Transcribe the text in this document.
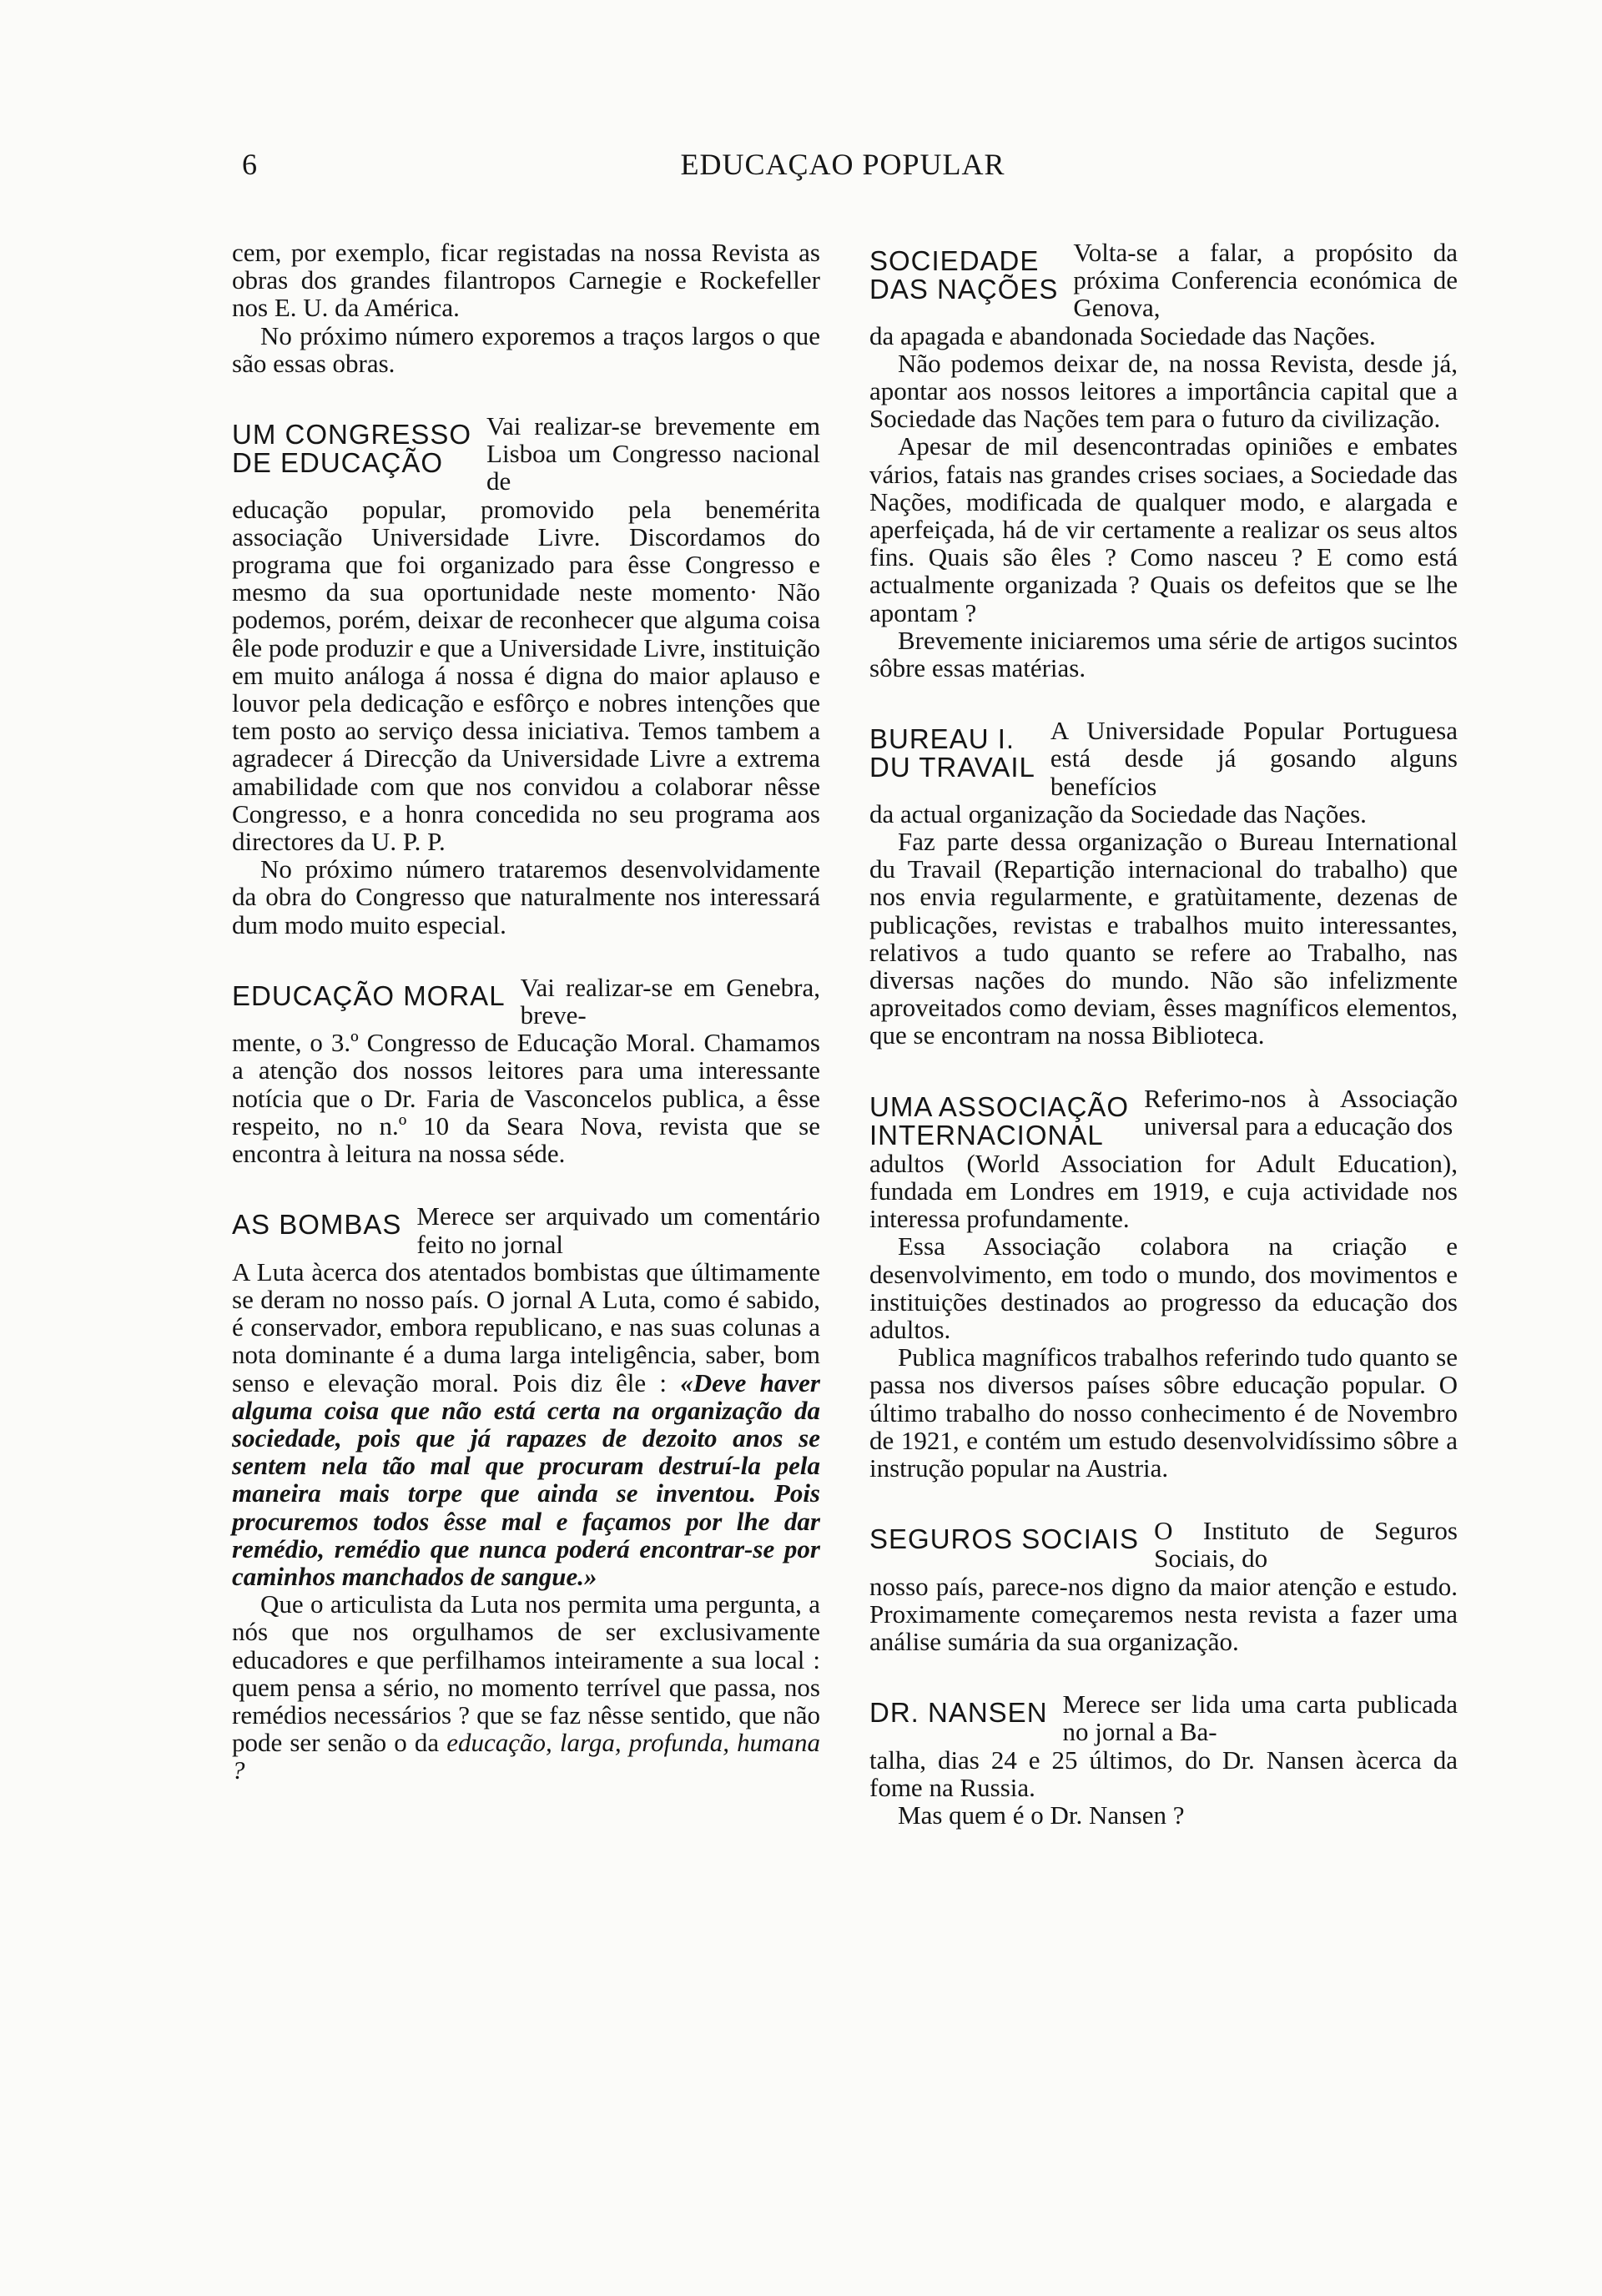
6	EDUCAÇAO POPULAR

cem, por exemplo, ficar registadas na nossa Revista as obras dos grandes filantropos Carnegie e Rockefeller nos E. U. da América.

No próximo número exporemos a traços largos o que são essas obras.

UM CONGRESSO
DE EDUCAÇÃO
Vai realizar-se brevemente em Lisboa um Congresso nacional de

educação popular, promovido pela benemérita associação Universidade Livre. Discordamos do programa que foi organizado para êsse Congresso e mesmo da sua oportunidade neste momento· Não podemos, porém, deixar de reconhecer que alguma coisa êle pode produzir e que a Universidade Livre, instituição em muito análoga á nossa é digna do maior aplauso e louvor pela dedicação e esfôrço e nobres intenções que tem posto ao serviço dessa iniciativa. Temos tambem a agradecer á Direcção da Universidade Livre a extrema amabilidade com que nos convidou a colaborar nêsse Congresso, e a honra concedida no seu programa aos directores da U. P. P.

No próximo número trataremos desenvolvidamente da obra do Congresso que naturalmente nos interessará dum modo muito especial.

EDUCAÇÃO MORAL Vai realizar-se em Genebra, breve-

mente, o 3.º Congresso de Educação Moral. Chamamos a atenção dos nossos leitores para uma interessante notícia que o Dr. Faria de Vasconcelos publica, a êsse respeito, no n.º 10 da Seara Nova, revista que se encontra à leitura na nossa séde.

AS BOMBAS Merece ser arquivado um comentário feito no jornal

A Luta àcerca dos atentados bombistas que últimamente se deram no nosso país. O jornal A Luta, como é sabido, é conservador, embora republicano, e nas suas colunas a nota dominante é a duma larga inteligência, saber, bom senso e elevação moral. Pois diz êle : «Deve haver alguma coisa que não está certa na organização da sociedade, pois que já rapazes de dezoito anos se sentem nela tão mal que procuram destruí-la pela maneira mais torpe que ainda se inventou. Pois procuremos todos êsse mal e façamos por lhe dar remédio, remédio que nunca poderá encontrar-se por caminhos manchados de sangue.»

Que o articulista da Luta nos permita uma pergunta, a nós que nos orgulhamos de ser exclusivamente educadores e que perfilhamos inteiramente a sua local : quem pensa a sério, no momento terrível que passa, nos remédios necessários ? que se faz nêsse sentido, que não pode ser senão o da educação, larga, profunda, humana ?

SOCIEDADE
DAS NAÇÕES
Volta-se a falar, a propósito da próxima Conferencia económica de Genova,

da apagada e abandonada Sociedade das Nações.

Não podemos deixar de, na nossa Revista, desde já, apontar aos nossos leitores a importância capital que a Sociedade das Nações tem para o futuro da civilização.

Apesar de mil desencontradas opiniões e embates vários, fatais nas grandes crises sociaes, a Sociedade das Nações, modificada de qualquer modo, e alargada e aperfeiçada, há de vir certamente a realizar os seus altos fins. Quais são êles ? Como nasceu ? E como está actualmente organizada ? Quais os defeitos que se lhe apontam ?

Brevemente iniciaremos uma série de artigos sucintos sôbre essas matérias.

BUREAU I.
DU TRAVAIL
A Universidade Popular Portuguesa está desde já gosando alguns benefícios

da actual organização da Sociedade das Nações.

Faz parte dessa organização o Bureau International du Travail (Repartição internacional do trabalho) que nos envia regularmente, e gratùitamente, dezenas de publicações, revistas e trabalhos muito interessantes, relativos a tudo quanto se refere ao Trabalho, nas diversas nações do mundo. Não são infelizmente aproveitados como deviam, êsses magníficos elementos, que se encontram na nossa Biblioteca.

UMA ASSOCIAÇÃO
INTERNACIONAL
Referimo-nos à Associação universal para a educação dos

adultos (World Association for Adult Education), fundada em Londres em 1919, e cuja actividade nos interessa profundamente.

Essa Associação colabora na criação e desenvolvimento, em todo o mundo, dos movimentos e instituições destinados ao progresso da educação dos adultos.

Publica magníficos trabalhos referindo tudo quanto se passa nos diversos países sôbre educação popular. O último trabalho do nosso conhecimento é de Novembro de 1921, e contém um estudo desenvolvidíssimo sôbre a instrução popular na Austria.

SEGUROS SOCIAIS O Instituto de Seguros Sociais, do

nosso país, parece-nos digno da maior atenção e estudo. Proximamente começaremos nesta revista a fazer uma análise sumária da sua organização.

DR. NANSEN Merece ser lida uma carta publicada no jornal a Ba-

talha, dias 24 e 25 últimos, do Dr. Nansen àcerca da fome na Russia.

Mas quem é o Dr. Nansen ?
